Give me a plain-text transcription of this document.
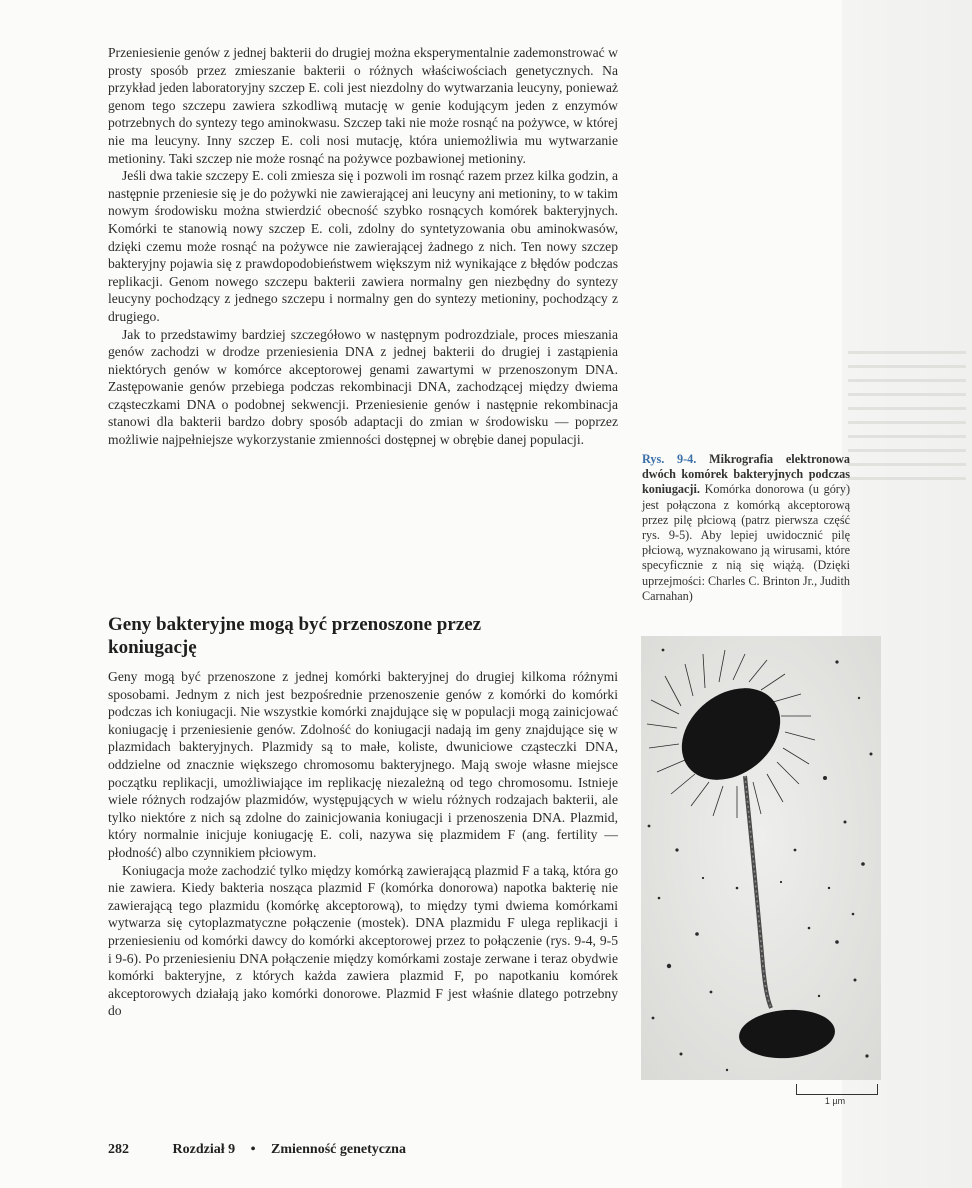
Przeniesienie genów z jednej bakterii do drugiej można eksperymentalnie zademonstrować w prosty sposób przez zmieszanie bakterii o różnych właściwościach genetycznych. Na przykład jeden laboratoryjny szczep E. coli jest niezdolny do wytwarzania leucyny, ponieważ genom tego szczepu zawiera szkodliwą mutację w genie kodującym jeden z enzymów potrzebnych do syntezy tego aminokwasu. Szczep taki nie może rosnąć na pożywce, w której nie ma leucyny. Inny szczep E. coli nosi mutację, która uniemożliwia mu wytwarzanie metioniny. Taki szczep nie może rosnąć na pożywce pozbawionej metioniny.

Jeśli dwa takie szczepy E. coli zmiesza się i pozwoli im rosnąć razem przez kilka godzin, a następnie przeniesie się je do pożywki nie zawierającej ani leucyny ani metioniny, to w takim nowym środowisku można stwierdzić obecność szybko rosnących komórek bakteryjnych. Komórki te stanowią nowy szczep E. coli, zdolny do syntetyzowania obu aminokwasów, dzięki czemu może rosnąć na pożywce nie zawierającej żadnego z nich. Ten nowy szczep bakteryjny pojawia się z prawdopodobieństwem większym niż wynikające z błędów podczas replikacji. Genom nowego szczepu bakterii zawiera normalny gen niezbędny do syntezy leucyny pochodzący z jednego szczepu i normalny gen do syntezy metioniny, pochodzący z drugiego.

Jak to przedstawimy bardziej szczegółowo w następnym podrozdziale, proces mieszania genów zachodzi w drodze przeniesienia DNA z jednej bakterii do drugiej i zastąpienia niektórych genów w komórce akceptorowej genami zawartymi w przenoszonym DNA. Zastępowanie genów przebiega podczas rekombinacji DNA, zachodzącej między dwiema cząsteczkami DNA o podobnej sekwencji. Przeniesienie genów i następnie rekombinacja stanowi dla bakterii bardzo dobry sposób adaptacji do zmian w środowisku — poprzez możliwie najpełniejsze wykorzystanie zmienności dostępnej w obrębie danej populacji.

Geny bakteryjne mogą być przenoszone przez koniugację

Geny mogą być przenoszone z jednej komórki bakteryjnej do drugiej kilkoma różnymi sposobami. Jednym z nich jest bezpośrednie przenoszenie genów z komórki do komórki podczas ich koniugacji. Nie wszystkie komórki znajdujące się w populacji mogą zainicjować koniugację i przeniesienie genów. Zdolność do koniugacji nadają im geny znajdujące się w plazmidach bakteryjnych. Plazmidy są to małe, koliste, dwuniciowe cząsteczki DNA, oddzielne od znacznie większego chromosomu bakteryjnego. Mają swoje własne miejsce początku replikacji, umożliwiające im replikację niezależną od tego chromosomu. Istnieje wiele różnych rodzajów plazmidów, występujących w wielu różnych rodzajach bakterii, ale tylko niektóre z nich są zdolne do zainicjowania koniugacji i przenoszenia DNA. Plazmid, który normalnie inicjuje koniugację E. coli, nazywa się plazmidem F (ang. fertility — płodność) albo czynnikiem płciowym.

Koniugacja może zachodzić tylko między komórką zawierającą plazmid F a taką, która go nie zawiera. Kiedy bakteria nosząca plazmid F (komórka donorowa) napotka bakterię nie zawierającą tego plazmidu (komórkę akceptorową), to między tymi dwiema komórkami wytwarza się cytoplazmatyczne połączenie (mostek). DNA plazmidu F ulega replikacji i przeniesieniu od komórki dawcy do komórki akceptorowej przez to połączenie (rys. 9-4, 9-5 i 9-6). Po przeniesieniu DNA połączenie między komórkami zostaje zerwane i teraz obydwie komórki bakteryjne, z których każda zawiera plazmid F, po napotkaniu komórek akceptorowych działają jako komórki donorowe. Plazmid F jest właśnie dlatego potrzebny do

Rys. 9-4. Mikrografia elektronowa dwóch komórek bakteryjnych podczas koniugacji. Komórka donorowa (u góry) jest połączona z komórką akceptorową przez pilę płciową (patrz pierwsza część rys. 9-5). Aby lepiej uwidocznić pilę płciową, wyznakowano ją wirusami, które specyficznie z nią się wiążą. (Dzięki uprzejmości: Charles C. Brinton Jr., Judith Carnahan)
1 µm
282	Rozdział 9 • Zmienność genetyczna
